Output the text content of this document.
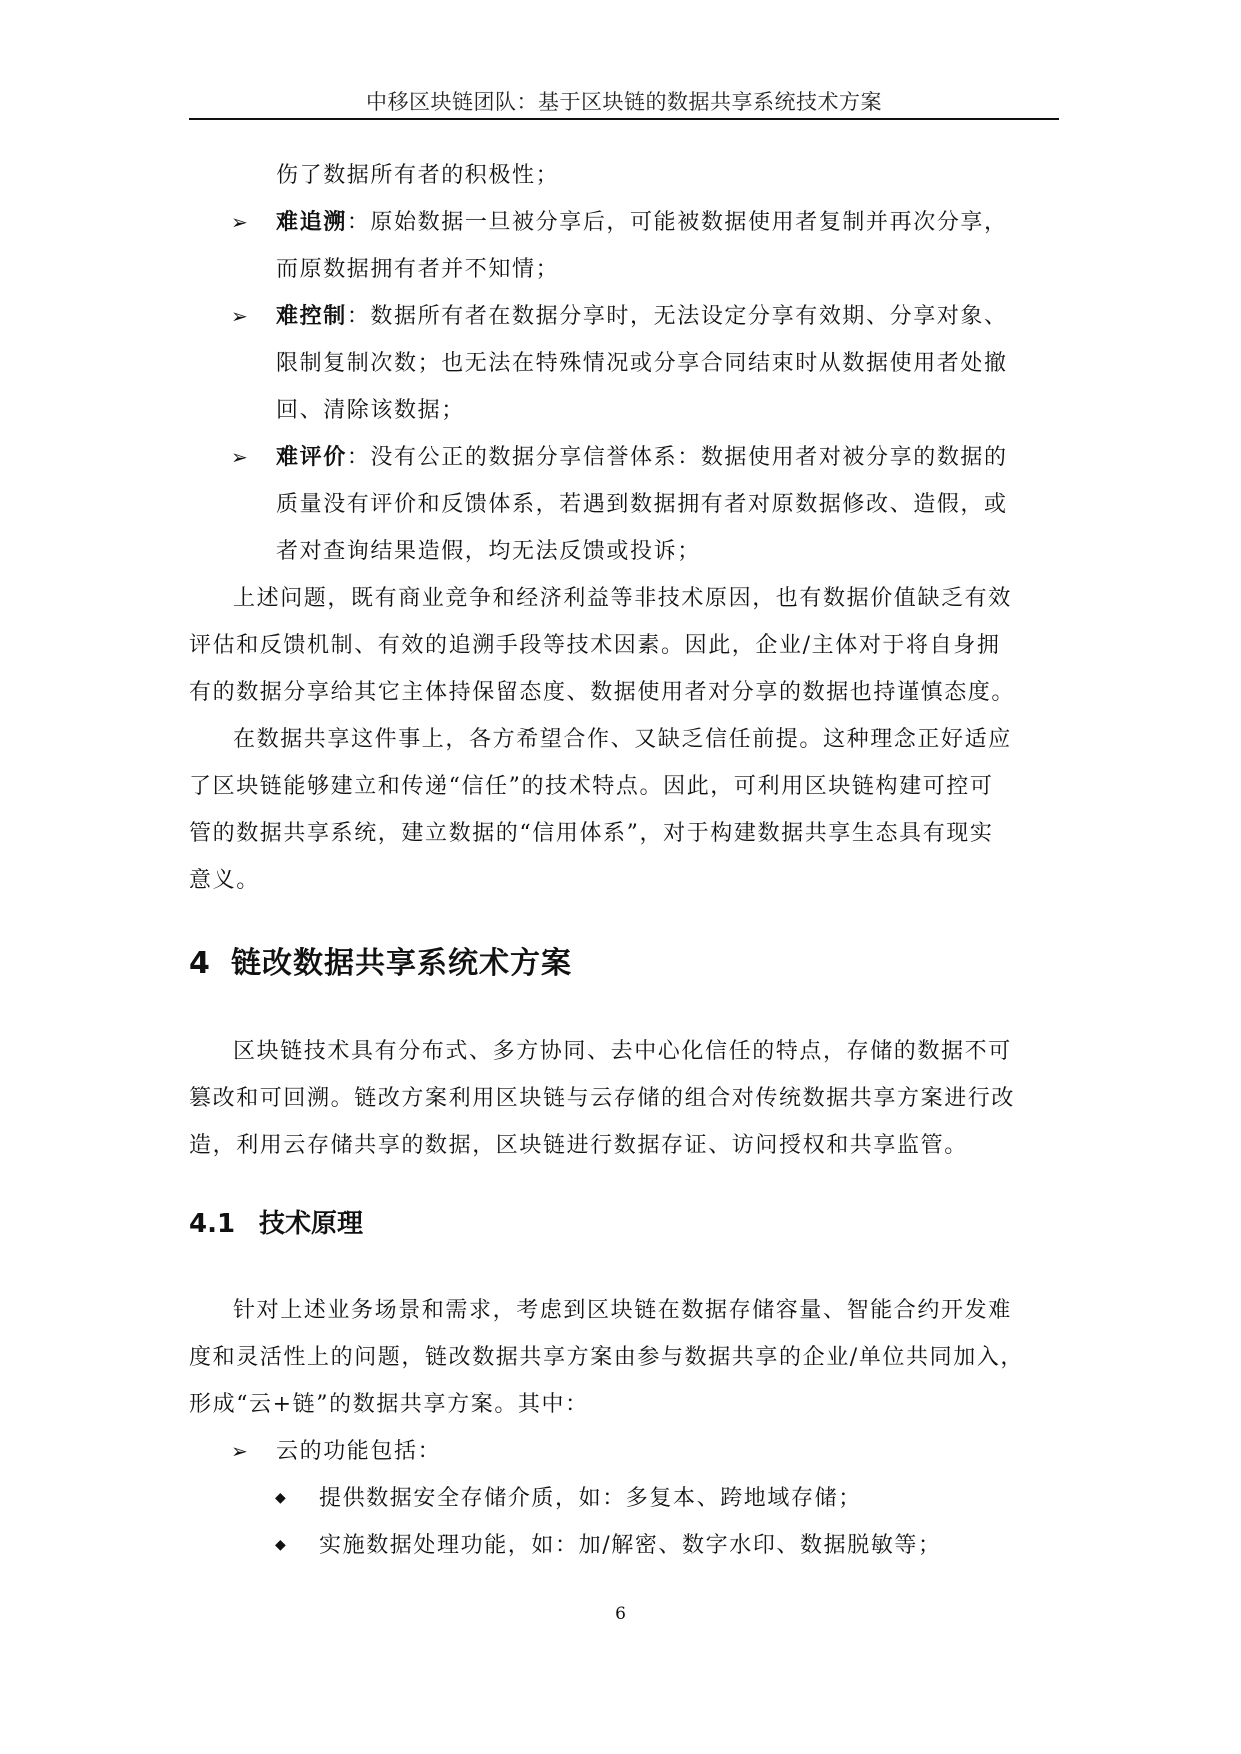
中移区块链团队：基于区块链的数据共享系统技术方案
伤了数据所有者的积极性；
➢ 难追溯：原始数据一旦被分享后，可能被数据使用者复制并再次分享，
而原数据拥有者并不知情；
➢ 难控制：数据所有者在数据分享时，无法设定分享有效期、分享对象、
限制复制次数；也无法在特殊情况或分享合同结束时从数据使用者处撤
回、清除该数据；
➢ 难评价：没有公正的数据分享信誉体系：数据使用者对被分享的数据的
质量没有评价和反馈体系，若遇到数据拥有者对原数据修改、造假，或
者对查询结果造假，均无法反馈或投诉；
上述问题，既有商业竞争和经济利益等非技术原因，也有数据价值缺乏有效
评估和反馈机制、有效的追溯手段等技术因素。因此，企业/主体对于将自身拥
有的数据分享给其它主体持保留态度、数据使用者对分享的数据也持谨慎态度。
在数据共享这件事上，各方希望合作、又缺乏信任前提。这种理念正好适应
了区块链能够建立和传递“信任”的技术特点。因此，可利用区块链构建可控可
管的数据共享系统，建立数据的“信用体系”，对于构建数据共享生态具有现实
意义。
4 链改数据共享系统术方案
区块链技术具有分布式、多方协同、去中心化信任的特点，存储的数据不可
篡改和可回溯。链改方案利用区块链与云存储的组合对传统数据共享方案进行改
造，利用云存储共享的数据，区块链进行数据存证、访问授权和共享监管。
4.1 技术原理
针对上述业务场景和需求，考虑到区块链在数据存储容量、智能合约开发难
度和灵活性上的问题，链改数据共享方案由参与数据共享的企业/单位共同加入，
形成“云+链”的数据共享方案。其中：
➢ 云的功能包括：
◆ 提供数据安全存储介质，如：多复本、跨地域存储；
◆ 实施数据处理功能，如：加/解密、数字水印、数据脱敏等；
6
